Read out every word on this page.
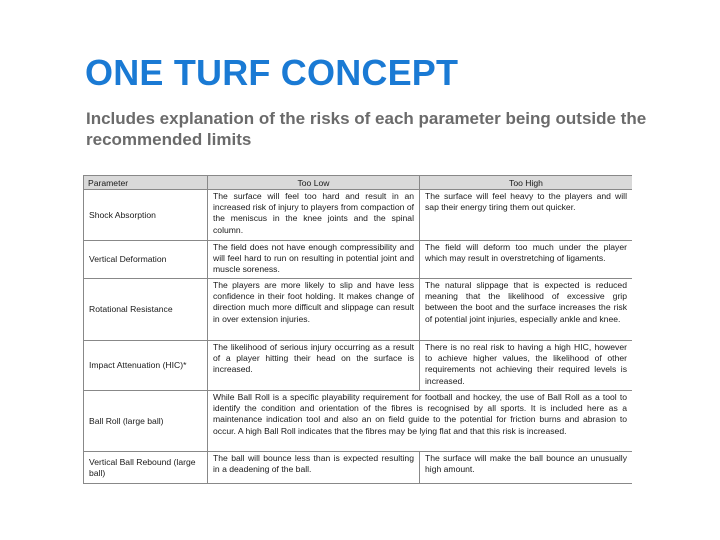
ONE TURF CONCEPT

Includes explanation of the risks of each parameter being outside the recommended limits

Parameter	Too Low	Too High
Shock Absorption	The surface will feel too hard and result in an increased risk of injury to players from compaction of the meniscus in the knee joints and the spinal column.	The surface will feel heavy to the players and will sap their energy tiring them out quicker.
Vertical Deformation	The field does not have enough compressibility and will feel hard to run on resulting in potential joint and muscle soreness.	The field will deform too much under the player which may result in overstretching of ligaments.
Rotational Resistance	The players are more likely to slip and have less confidence in their foot holding. It makes change of direction much more difficult and slippage can result in over extension injuries.	The natural slippage that is expected is reduced meaning that the likelihood of excessive grip between the boot and the surface increases the risk of potential joint injuries, especially ankle and knee.
Impact Attenuation (HIC)*	The likelihood of serious injury occurring as a result of a player hitting their head on the surface is increased.	There is no real risk to having a high HIC, however to achieve higher values, the likelihood of other requirements not achieving their required levels is increased.
Ball Roll (large ball)	While Ball Roll is a specific playability requirement for football and hockey, the use of Ball Roll as a tool to identify the condition and orientation of the fibres is recognised by all sports. It is included here as a maintenance indication tool and also an on field guide to the potential for friction burns and abrasion to occur. A high Ball Roll indicates that the fibres may be lying flat and that this risk is increased.	
Vertical Ball Rebound (large ball)	The ball will bounce less than is expected resulting in a deadening of the ball.	The surface will make the ball bounce an unusually high amount.
